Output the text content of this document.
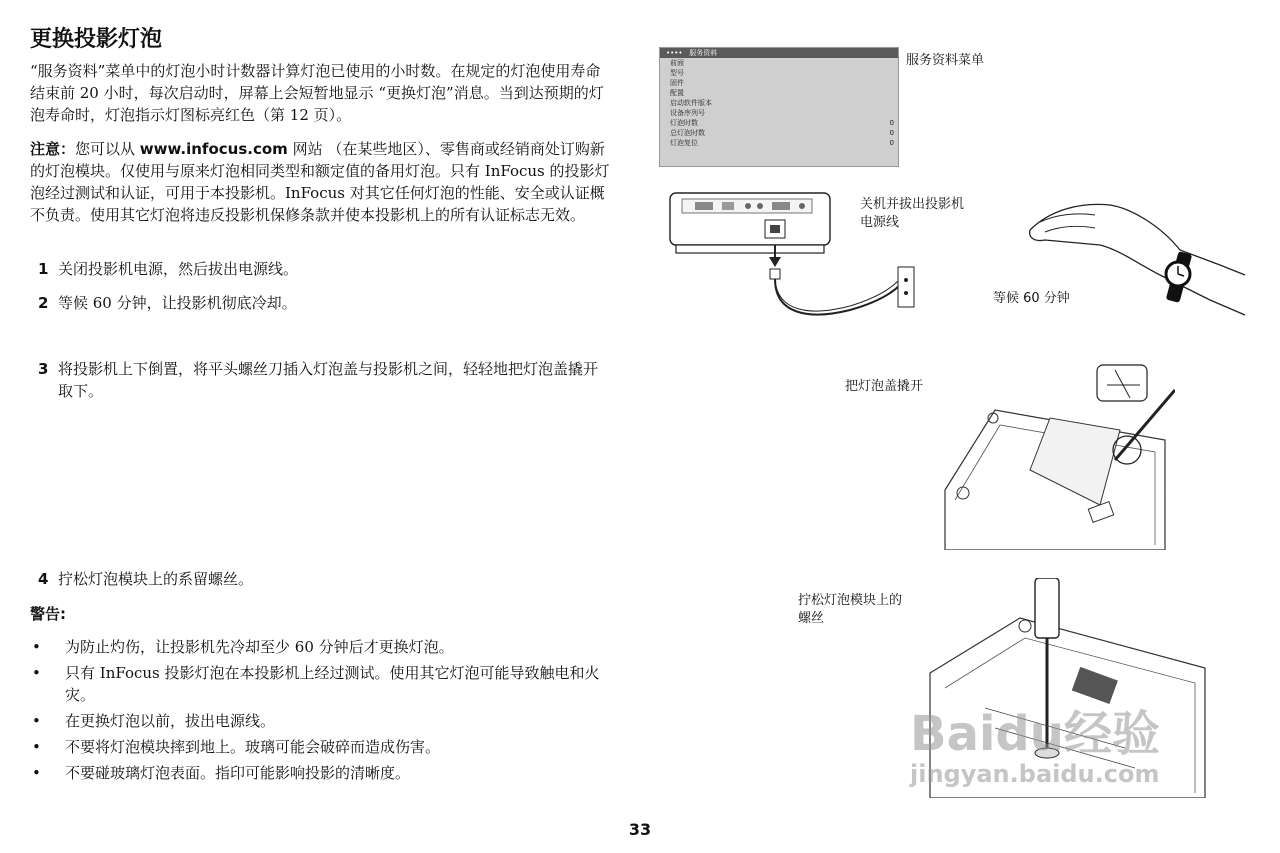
更换投影灯泡

“服务资料”菜单中的灯泡小时计数器计算灯泡已使用的小时数。在规定的灯泡使用寿命结束前 20 小时，每次启动时，屏幕上会短暂地显示 “更换灯泡”消息。当到达预期的灯泡寿命时，灯泡指示灯图标亮红色（第 12 页）。

注意：您可以从 www.infocus.com 网站 （在某些地区）、零售商或经销商处订购新的灯泡模块。仅使用与原来灯泡相同类型和额定值的备用灯泡。只有 InFocus 的投影灯泡经过测试和认证，可用于本投影机。InFocus 对其它任何灯泡的性能、安全或认证概不负责。使用其它灯泡将违反投影机保修条款并使本投影机上的所有认证标志无效。

1 关闭投影机电源，然后拔出电源线。
2 等候 60 分钟，让投影机彻底冷却。
3 将投影机上下倒置，将平头螺丝刀插入灯泡盖与投影机之间，轻轻地把灯泡盖撬开取下。
4 拧松灯泡模块上的系留螺丝。

警告:

• 为防止灼伤，让投影机先冷却至少 60 分钟后才更换灯泡。
• 只有 InFocus 投影灯泡在本投影机上经过测试。使用其它灯泡可能导致触电和火灾。
• 在更换灯泡以前，拔出电源线。
• 不要将灯泡模块摔到地上。玻璃可能会破碎而造成伤害。
• 不要碰玻璃灯泡表面。指印可能影响投影的清晰度。
33
•••• 服务资料
前面
型号
固件
配置
启动软件版本
设备序列号
灯泡时数	0
总灯泡时数	0
灯泡复位	0
服务资料菜单
关机并拔出投影机
电源线
等候 60 分钟
把灯泡盖撬开
拧松灯泡模块上的
螺丝
Baidu经验
jingyan.baidu.com
